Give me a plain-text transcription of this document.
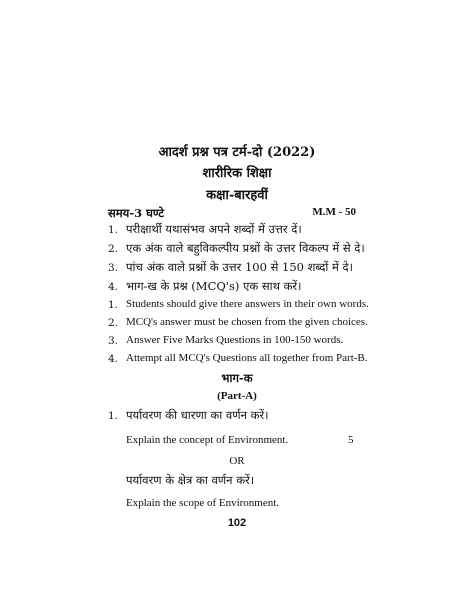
आदर्श प्रश्न पत्र टर्म-दो (2022)
शारीरिक शिक्षा
कक्षा-बारहवीं
समय-3 घण्टे	M.M - 50
1. परीक्षार्थी यथासंभव अपने शब्दों में उत्तर दें।
2. एक अंक वाले बहुविकल्पीय प्रश्नों के उत्तर विकल्प में से दे।
3. पांच अंक वाले प्रश्नों के उत्तर 100 से 150 शब्दों में दे।
4. भाग-ख के प्रश्न (MCQ's) एक साथ करें।
1. Students should give there answers in their own words.
2. MCQ's answer must be chosen from the given choices.
3. Answer Five Marks Questions in 100-150 words.
4. Attempt all MCQ's Questions all together from Part-B.
भाग-क
(Part-A)
1. पर्यावरण की धारणा का वर्णन करें।
Explain the concept of Environment.	5
OR
पर्यावरण के क्षेत्र का वर्णन करें।
Explain the scope of Environment.
102
